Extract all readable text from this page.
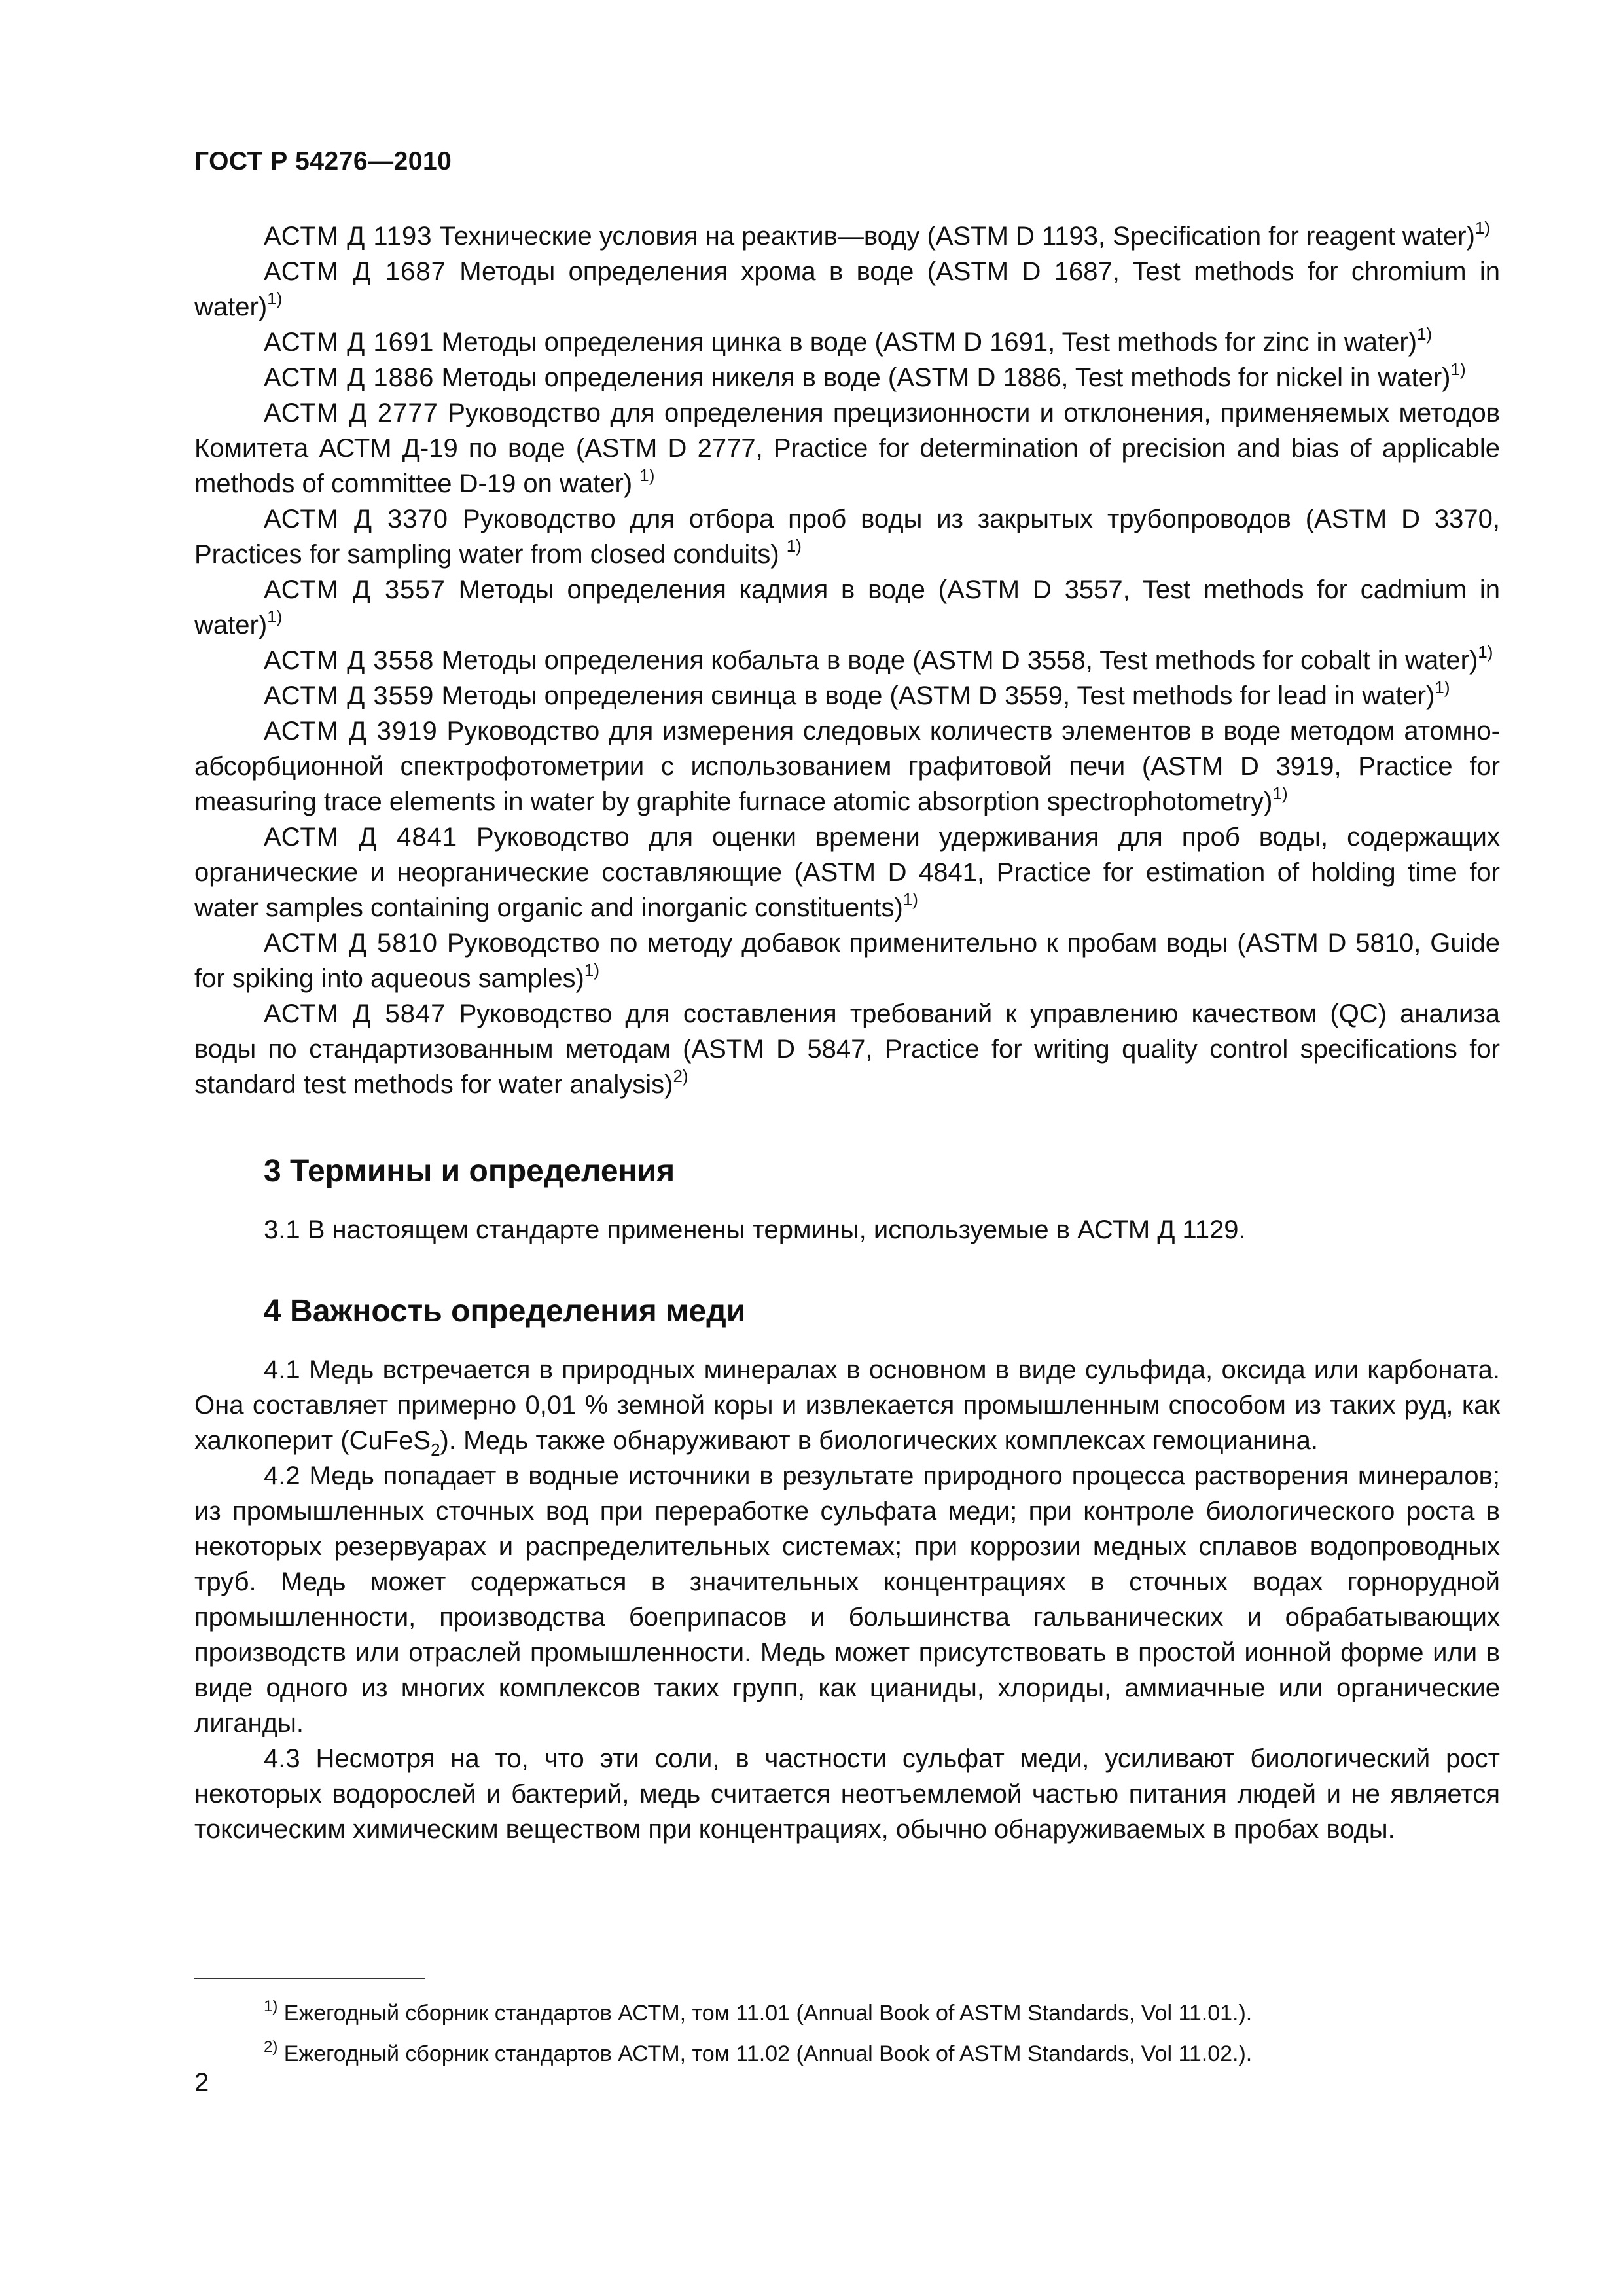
ГОСТ Р 54276—2010

АСТМ Д 1193 Технические условия на реактив—воду (ASTM D 1193, Specification for reagent water)$^{1)}$

АСТМ Д 1687 Методы определения хрома в воде (ASTM D 1687, Test methods for chromium in water)$^{1)}$

АСТМ Д 1691 Методы определения цинка в воде (ASTM D 1691, Test methods for zinc in water)$^{1)}$

АСТМ Д 1886 Методы определения никеля в воде (ASTM D 1886, Test methods for nickel in water)$^{1)}$

АСТМ Д 2777 Руководство для определения прецизионности и отклонения, применяемых методов Комитета АСТМ Д-19 по воде (ASTM D 2777, Practice for determination of precision and bias of applicable methods of committee D-19 on water) $^{1)}$

АСТМ Д 3370 Руководство для отбора проб воды из закрытых трубопроводов (ASTM D 3370, Practices for sampling water from closed conduits) $^{1)}$

АСТМ Д 3557 Методы определения кадмия в воде (ASTM D 3557, Test methods for cadmium in water)$^{1)}$

АСТМ Д 3558 Методы определения кобальта в воде (ASTM D 3558, Test methods for cobalt in water)$^{1)}$

АСТМ Д 3559 Методы определения свинца в воде (ASTM D 3559, Test methods for lead in water)$^{1)}$

АСТМ Д 3919 Руководство для измерения следовых количеств элементов в воде методом атомно-абсорбционной спектрофотометрии с использованием графитовой печи (ASTM D 3919, Practice for measuring trace elements in water by graphite furnace atomic absorption spectrophotometry)$^{1)}$

АСТМ Д 4841 Руководство для оценки времени удерживания для проб воды, содержащих органические и неорганические составляющие (ASTM D 4841, Practice for estimation of holding time for water samples containing organic and inorganic constituents)$^{1)}$

АСТМ Д 5810 Руководство по методу добавок применительно к пробам воды (ASTM D 5810, Guide for spiking into aqueous samples)$^{1)}$

АСТМ Д 5847 Руководство для составления требований к управлению качеством (QC) анализа воды по стандартизованным методам (ASTM D 5847, Practice for writing quality control specifications for standard test methods for water analysis)$^{2)}$

3 Термины и определения

3.1 В настоящем стандарте применены термины, используемые в АСТМ Д 1129.

4 Важность определения меди

4.1 Медь встречается в природных минералах в основном в виде сульфида, оксида или карбоната. Она составляет примерно 0,01 % земной коры и извлекается промышленным способом из таких руд, как халкоперит (CuFeS$_2$). Медь также обнаруживают в биологических комплексах гемоцианина.

4.2 Медь попадает в водные источники в результате природного процесса растворения минералов; из промышленных сточных вод при переработке сульфата меди; при контроле биологического роста в некоторых резервуарах и распределительных системах; при коррозии медных сплавов водопроводных труб. Медь может содержаться в значительных концентрациях в сточных водах горнорудной промышленности, производства боеприпасов и большинства гальванических и обрабатывающих производств или отраслей промышленности. Медь может присутствовать в простой ионной форме или в виде одного из многих комплексов таких групп, как цианиды, хлориды, аммиачные или органические лиганды.

4.3 Несмотря на то, что эти соли, в частности сульфат меди, усиливают биологический рост некоторых водорослей и бактерий, медь считается неотъемлемой частью питания людей и не является токсическим химическим веществом при концентрациях, обычно обнаруживаемых в пробах воды.

$^{1)}$ Ежегодный сборник стандартов АСТМ, том 11.01 (Annual Book of ASTM Standards, Vol 11.01.).

$^{2)}$ Ежегодный сборник стандартов АСТМ, том 11.02 (Annual Book of ASTM Standards, Vol 11.02.).

2
